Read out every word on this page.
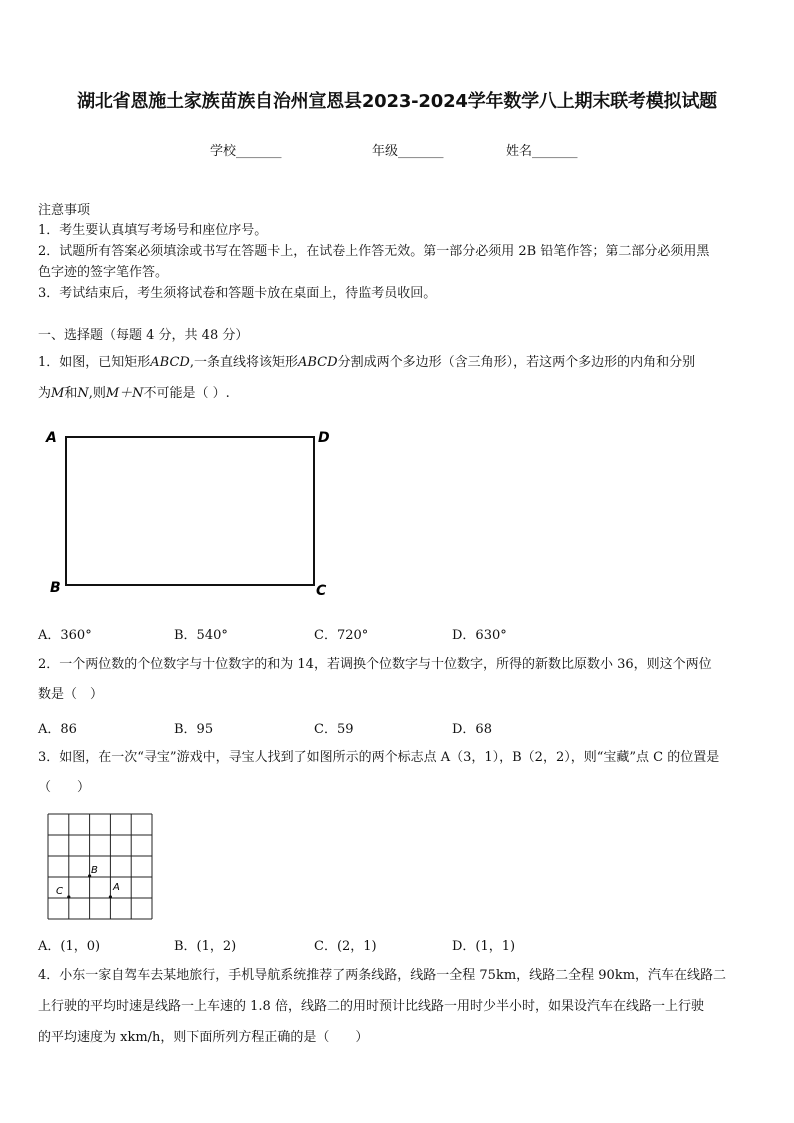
湖北省恩施土家族苗族自治州宣恩县2023-2024学年数学八上期末联考模拟试题
学校_______	年级_______	姓名_______
注意事项
1．考生要认真填写考场号和座位序号。
2．试题所有答案必须填涂或书写在答题卡上，在试卷上作答无效。第一部分必须用 2B 铅笔作答；第二部分必须用黑
色字迹的签字笔作答。
3．考试结束后，考生须将试卷和答题卡放在桌面上，待监考员收回。
一、选择题（每题 4 分，共 48 分）
1．如图，已知矩形ABCD,一条直线将该矩形ABCD分割成两个多边形（含三角形），若这两个多边形的内角和分别
为M和N,则M＋N不可能是（ ）.
A	D
B	C
A．360°	B．540°	C．720°	D．630°
2．一个两位数的个位数字与十位数字的和为 14，若调换个位数字与十位数字，所得的新数比原数小 36，则这个两位
数是（　）
A．86	B．95	C．59	D．68
3．如图，在一次“寻宝”游戏中，寻宝人找到了如图所示的两个标志点 A（3，1），B（2，2），则“宝藏”点 C 的位置是
（　　）
B
A
C
A．(1，0)	B．(1，2)	C．(2，1)	D．(1，1)
4．小东一家自驾车去某地旅行，手机导航系统推荐了两条线路，线路一全程 75km，线路二全程 90km，汽车在线路二
上行驶的平均时速是线路一上车速的 1.8 倍，线路二的用时预计比线路一用时少半小时，如果设汽车在线路一上行驶
的平均速度为 xkm/h，则下面所列方程正确的是（　　）
